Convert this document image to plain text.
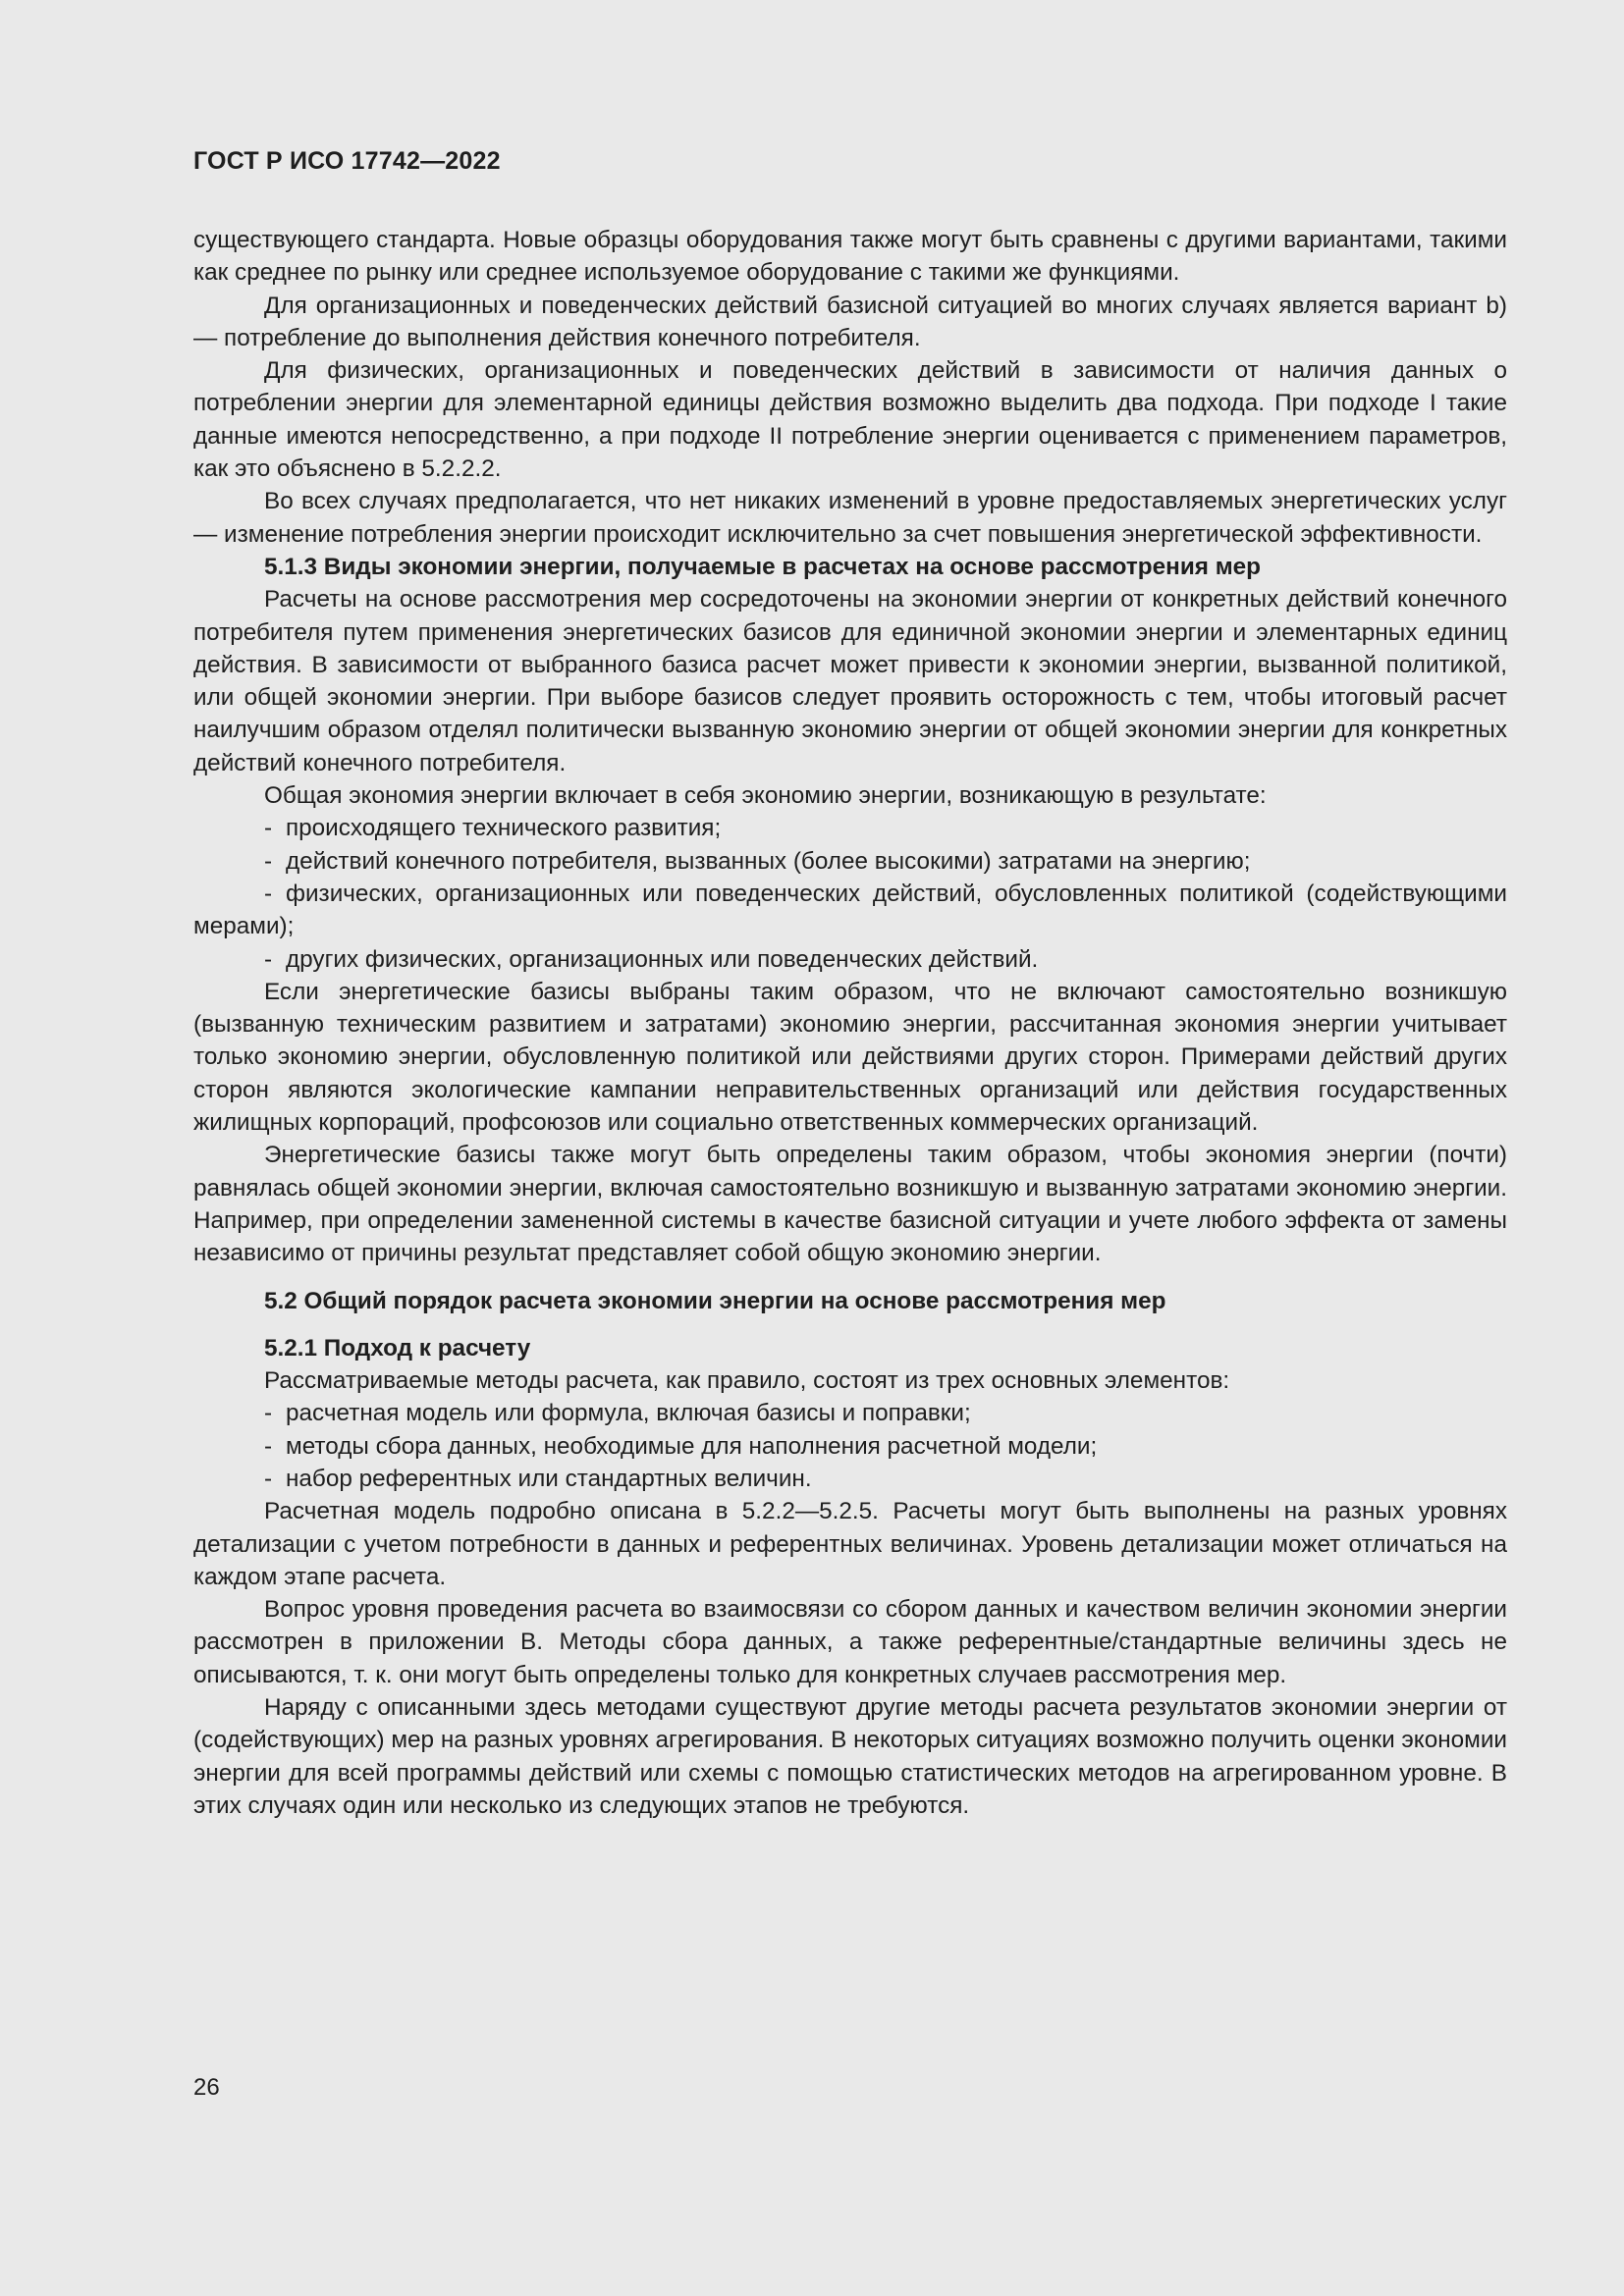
ГОСТ Р ИСО 17742—2022

существующего стандарта. Новые образцы оборудования также могут быть сравнены с другими вариантами, такими как среднее по рынку или среднее используемое оборудование с такими же функциями.

Для организационных и поведенческих действий базисной ситуацией во многих случаях является вариант b) — потребление до выполнения действия конечного потребителя.

Для физических, организационных и поведенческих действий в зависимости от наличия данных о потреблении энергии для элементарной единицы действия возможно выделить два подхода. При подходе I такие данные имеются непосредственно, а при подходе II потребление энергии оценивается с применением параметров, как это объяснено в 5.2.2.2.

Во всех случаях предполагается, что нет никаких изменений в уровне предоставляемых энергетических услуг — изменение потребления энергии происходит исключительно за счет повышения энергетической эффективности.

5.1.3 Виды экономии энергии, получаемые в расчетах на основе рассмотрения мер

Расчеты на основе рассмотрения мер сосредоточены на экономии энергии от конкретных действий конечного потребителя путем применения энергетических базисов для единичной экономии энергии и элементарных единиц действия. В зависимости от выбранного базиса расчет может привести к экономии энергии, вызванной политикой, или общей экономии энергии. При выборе базисов следует проявить осторожность с тем, чтобы итоговый расчет наилучшим образом отделял политически вызванную экономию энергии от общей экономии энергии для конкретных действий конечного потребителя.

Общая экономия энергии включает в себя экономию энергии, возникающую в результате:

- происходящего технического развития;

- действий конечного потребителя, вызванных (более высокими) затратами на энергию;

- физических, организационных или поведенческих действий, обусловленных политикой (содействующими мерами);

- других физических, организационных или поведенческих действий.

Если энергетические базисы выбраны таким образом, что не включают самостоятельно возникшую (вызванную техническим развитием и затратами) экономию энергии, рассчитанная экономия энергии учитывает только экономию энергии, обусловленную политикой или действиями других сторон. Примерами действий других сторон являются экологические кампании неправительственных организаций или действия государственных жилищных корпораций, профсоюзов или социально ответственных коммерческих организаций.

Энергетические базисы также могут быть определены таким образом, чтобы экономия энергии (почти) равнялась общей экономии энергии, включая самостоятельно возникшую и вызванную затратами экономию энергии. Например, при определении замененной системы в качестве базисной ситуации и учете любого эффекта от замены независимо от причины результат представляет собой общую экономию энергии.

5.2 Общий порядок расчета экономии энергии на основе рассмотрения мер

5.2.1 Подход к расчету

Рассматриваемые методы расчета, как правило, состоят из трех основных элементов:

- расчетная модель или формула, включая базисы и поправки;

- методы сбора данных, необходимые для наполнения расчетной модели;

- набор референтных или стандартных величин.

Расчетная модель подробно описана в 5.2.2—5.2.5. Расчеты могут быть выполнены на разных уровнях детализации с учетом потребности в данных и референтных величинах. Уровень детализации может отличаться на каждом этапе расчета.

Вопрос уровня проведения расчета во взаимосвязи со сбором данных и качеством величин экономии энергии рассмотрен в приложении В. Методы сбора данных, а также референтные/стандартные величины здесь не описываются, т. к. они могут быть определены только для конкретных случаев рассмотрения мер.

Наряду с описанными здесь методами существуют другие методы расчета результатов экономии энергии от (содействующих) мер на разных уровнях агрегирования. В некоторых ситуациях возможно получить оценки экономии энергии для всей программы действий или схемы с помощью статистических методов на агрегированном уровне. В этих случаях один или несколько из следующих этапов не требуются.

26
